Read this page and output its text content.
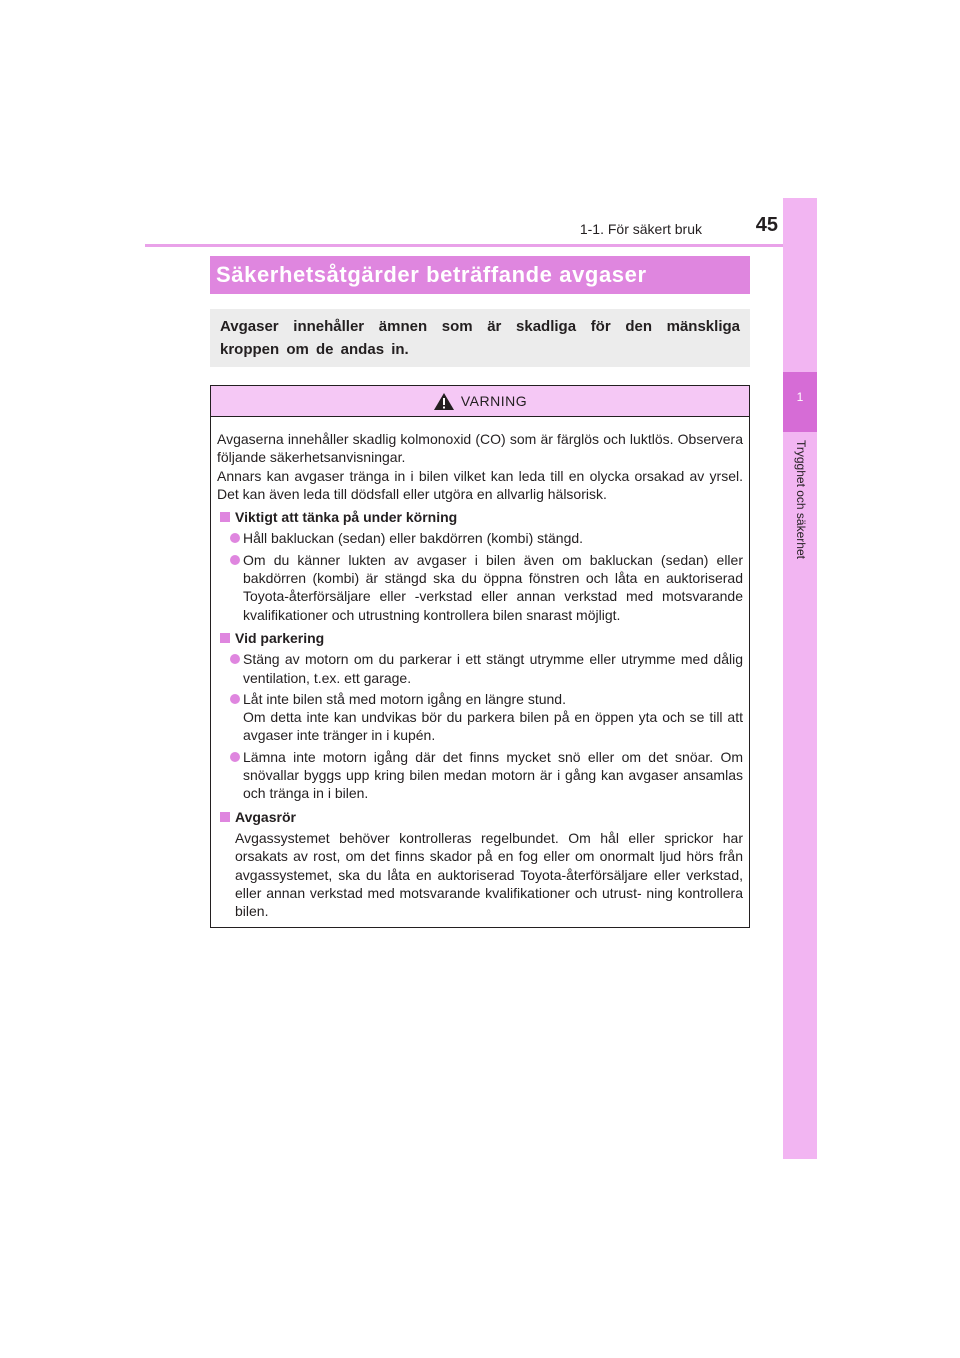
1-1. För säkert bruk	45
1
Trygghet och säkerhet
Säkerhetsåtgärder beträffande avgaser
Avgaser innehåller ämnen som är skadliga för den mänskliga kroppen om de andas in.
VARNING
Avgaserna innehåller skadlig kolmonoxid (CO) som är färglös och luktlös. Observera följande säkerhetsanvisningar.
Annars kan avgaser tränga in i bilen vilket kan leda till en olycka orsakad av yrsel. Det kan även leda till dödsfall eller utgöra en allvarlig hälsorisk.
Viktigt att tänka på under körning
Håll bakluckan (sedan) eller bakdörren (kombi) stängd.
Om du känner lukten av avgaser i bilen även om bakluckan (sedan) eller bakdörren (kombi) är stängd ska du öppna fönstren och låta en auktoriserad Toyota-återförsäljare eller -verkstad eller annan verkstad med motsvarande kvalifikationer och utrustning kontrollera bilen snarast möjligt.
Vid parkering
Stäng av motorn om du parkerar i ett stängt utrymme eller utrymme med dålig ventilation, t.ex. ett garage.
Låt inte bilen stå med motorn igång en längre stund.
Om detta inte kan undvikas bör du parkera bilen på en öppen yta och se till att avgaser inte tränger in i kupén.
Lämna inte motorn igång där det finns mycket snö eller om det snöar. Om snövallar byggs upp kring bilen medan motorn är i gång kan avgaser ansamlas och tränga in i bilen.
Avgasrör
Avgassystemet behöver kontrolleras regelbundet. Om hål eller sprickor har orsakats av rost, om det finns skador på en fog eller om onormalt ljud hörs från avgassystemet, ska du låta en auktoriserad Toyota-återförsäljare eller verkstad, eller annan verkstad med motsvarande kvalifikationer och utrust- ning kontrollera bilen.
